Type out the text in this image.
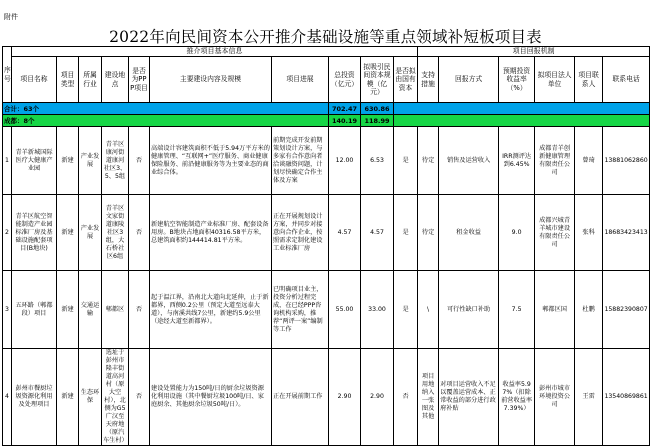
附件
2022年向民间资本公开推介基础设施等重点领域补短板项目表
序号	推介项目基本信息										项目回报机制					
	项目名称	项目类型	所属行业	建设地点	是否为PPP项目	主要建设内容及规模	项目进展	总投资（亿元）	拟吸引民间资本规模（亿元）	是否拟由国有资本	支持措施	回报方式	预期投资收益率（%）	拟项目法人单位	项目联系人	联系电话
合计：63个								702.47	630.86							
成都：8个								140.19	118.99							
1	青羊新城国际医疗大健康产业园	新建	产业发展	青羊区康河街道康河社区3、5、5组	否	高端设计容建筑面积不低于5.94万平方米的健康管理、“互联网+”医疗服务、商业健康保险服务、前沿健康服务等为主要业态的商业综合体。	前期完成开发前期策划设计方案，与多家有合作意向者洽谈融资问题，计划尽快确定合作主体及方案	12.00	6.53	是	待定	销售及运营收入	IRR测评达到6.45%	成都青羊创新健康管理有限责任公司	曾琦	13881062860
2	青羊区航空智能制造产业园标准厂房及基础设施配套项目(B地块)	新建	产业发展	青羊区文家街道康陵社区3组，大石桥社区6组	否	新建航空智能制造产业标准厂房、配套设备用房。B地块占地面积40316.58平方米，总建筑面积约144414.81平方米。	正在开展规划设计方案，并同步对接意向合作企业，按照需求定制化建设工业标准厂房	4.57	4.57	是	待定	租金收益	9.0	成都兴城青羊城市建设有限责任公司	张科	18683423413
3	五环路（郫都段）项目	新建	交通运输	郫都区	否	起于温江界，沿南北大道向北延伸，止于新都界，西侧0.2公里（预定大道至远泰大道），与南溪共线7公里，新建约5.9公里（途经大道至新都界）。	已明确项目业主，投资分析过程完成，在已经PPP咨询机构采购，推荐“两评一案”编制等工作	55.00	33.00	是	\	可行性缺口补助	7.5	郫都区国	杜鹏	15882390807
4	彭州市餐厨垃圾资源化利用及处理项目	新建	生态环保	选址于彭州市隆丰街道高河村（原大空村），北侧为G5广汉至天府地（原汽车生村）	否	建设处置能力为150吨/日的厨余垃圾资源化利用设施（其中餐厨垃圾100吨/日、家庭厨余、其他厨余垃圾50吨/日）。	正在开展前期工作	2.90	2.90	否	项目用地纳入一张图及其他	对项目运营收入不足以覆盖运营成本、正常收益的部分进行政府补贴	收益率5.97%（扣除前营收益率7.39%）	彭州市城市环境投资公司	王雷	13540869861
